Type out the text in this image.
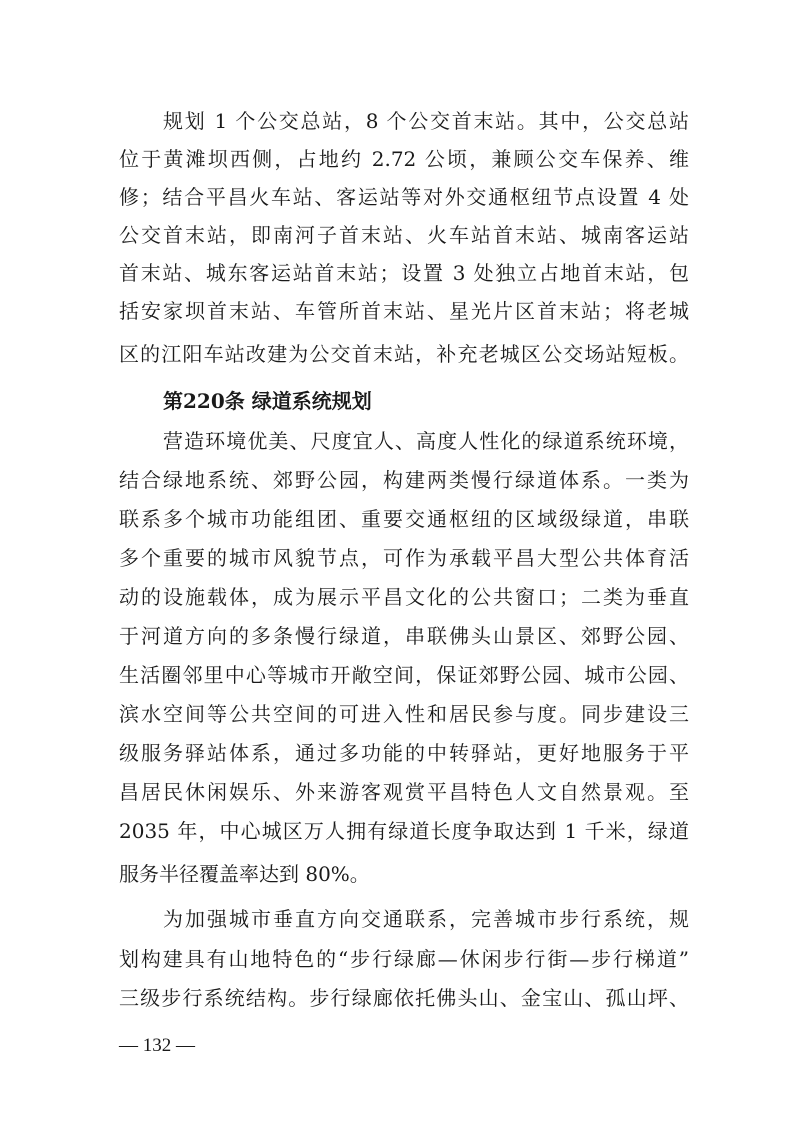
规划 1 个公交总站，8 个公交首末站。其中，公交总站
位于黄滩坝西侧，占地约 2.72 公顷，兼顾公交车保养、维
修；结合平昌火车站、客运站等对外交通枢纽节点设置 4 处
公交首末站，即南河子首末站、火车站首末站、城南客运站
首末站、城东客运站首末站；设置 3 处独立占地首末站，包
括安家坝首末站、车管所首末站、星光片区首末站；将老城
区的江阳车站改建为公交首末站，补充老城区公交场站短板。
第220条 绿道系统规划
营造环境优美、尺度宜人、高度人性化的绿道系统环境，
结合绿地系统、郊野公园，构建两类慢行绿道体系。一类为
联系多个城市功能组团、重要交通枢纽的区域级绿道，串联
多个重要的城市风貌节点，可作为承载平昌大型公共体育活
动的设施载体，成为展示平昌文化的公共窗口；二类为垂直
于河道方向的多条慢行绿道，串联佛头山景区、郊野公园、
生活圈邻里中心等城市开敞空间，保证郊野公园、城市公园、
滨水空间等公共空间的可进入性和居民参与度。同步建设三
级服务驿站体系，通过多功能的中转驿站，更好地服务于平
昌居民休闲娱乐、外来游客观赏平昌特色人文自然景观。至
2035 年，中心城区万人拥有绿道长度争取达到 1 千米，绿道
服务半径覆盖率达到 80%。
为加强城市垂直方向交通联系，完善城市步行系统，规
划构建具有山地特色的“步行绿廊—休闲步行街—步行梯道”
三级步行系统结构。步行绿廊依托佛头山、金宝山、孤山坪、
— 132 —
